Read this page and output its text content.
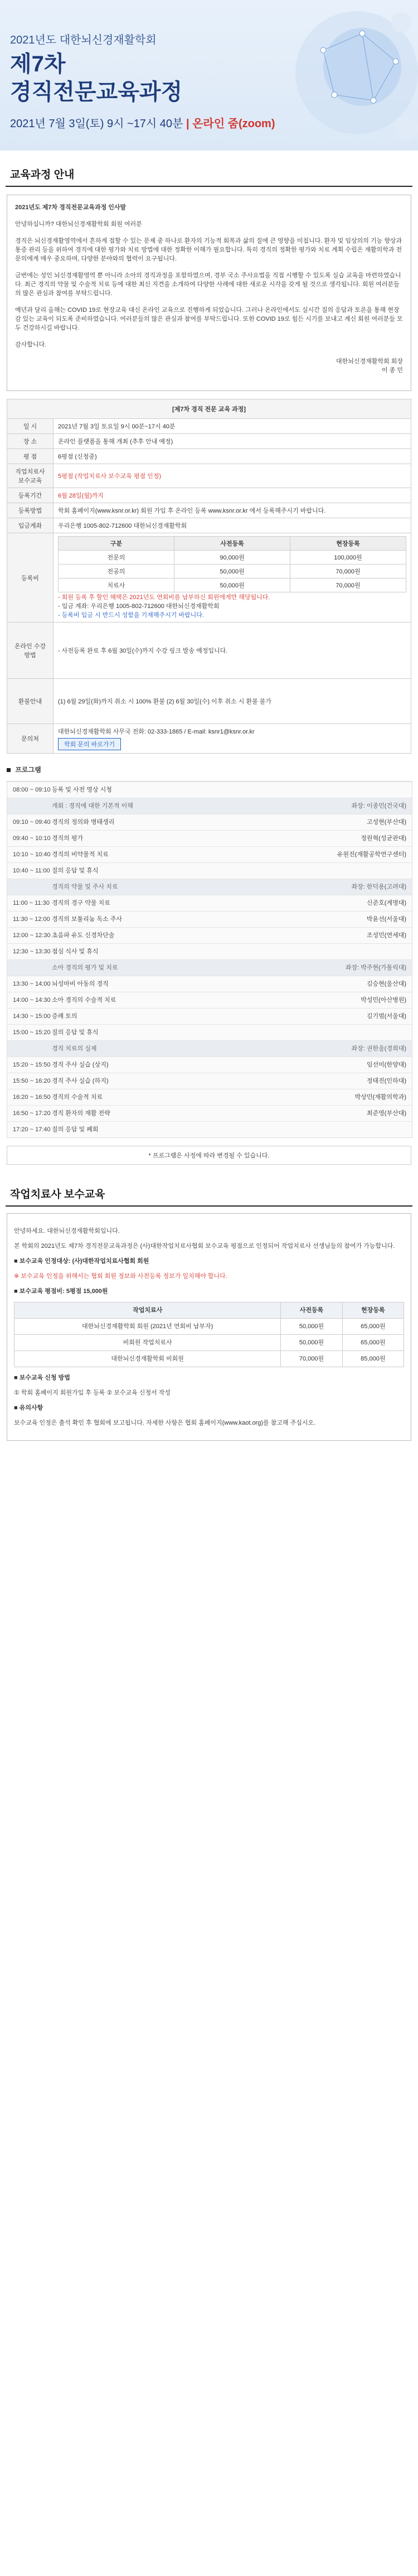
2021년도 대한뇌신경재활학회
제7차
경직전문교육과정
2021년 7월 3일(토) 9시 ~17시 40분 | 온라인 줌(zoom)
교육과정 안내

2021년도 제7차 경직전문교육과정 인사말

안녕하십니까? 대한뇌신경재활학회 회원 여러분

경직은 뇌신경재활영역에서 흔하게 접할 수 있는 문제 중 하나로 환자의 기능적 회복과 삶의 질에 큰 영향을 미칩니다. 환자 및 임상의의 기능 향상과 통증 관리 등을 위하여 경직에 대한 평가와 치료 방법에 대한 정확한 이해가 필요합니다. 특히 경직의 정확한 평가와 치료 계획 수립은 재활의학과 전문의에게 매우 중요하며, 다양한 분야와의 협력이 요구됩니다.

금번에는 성인 뇌신경재활영역 뿐 아니라 소아의 경직과정을 포함하였으며, 경부 국소 주사요법을 직접 시행할 수 있도록 실습 교육을 마련하였습니다. 최근 경직의 약물 및 수술적 치료 등에 대한 최신 지견을 소개하여 다양한 사례에 대한 새로운 시각을 갖게 될 것으로 생각됩니다. 회원 여러분들의 많은 관심과 참여를 부탁드립니다.

예년과 달리 올해는 COVID 19로 현장교육 대신 온라인 교육으로 진행하게 되었습니다. 그러나 온라인에서도 실시간 질의 응답과 토론을 통해 현장감 있는 교육이 되도록 준비하였습니다. 여러분들의 많은 관심과 참여를 부탁드립니다. 또한 COVID 19로 힘든 시기를 보내고 계신 회원 여러분들 모두 건강하시길 바랍니다.

감사합니다.

대한뇌신경재활학회 회장
이 종 민

[제7차 경직 전문 교육 과정]
일 시	2021년 7월 3일 토요일 9시 00분~17시 40분
장 소	온라인 플랫폼을 통해 개최 (추후 안내 예정)
평 점	6평점 (신청중)
직업치료사 보수교육	5평점 (작업치료사 보수교육 평점 인정)
등록기간	6월 28일(월)까지
등록방법	학회 홈페이지(www.ksnr.or.kr) 회원 가입 후 온라인 등록 www.ksnr.or.kr 에서 등록해주시기 바랍니다.
입금계좌	우리은행 1005-802-712600 대한뇌신경재활학회
등록비	
구분	사전등록	현장등록
전문의	90,000원	100,000원
전공의	50,000원	70,000원
치료사	50,000원	70,000원
- 회원 등록 후 할인 혜택은 2021년도 연회비를 납부하신 회원에게만 해당됩니다.
- 입금 계좌: 우리은행 1005-802-712600 대한뇌신경재활학회
- 등록비 입금 시 반드시 성함을 기재해주시기 바랍니다.

온라인 수강 방법	- 사전등록 완료 후 6월 30일(수)까지 수강 링크 발송 예정입니다.
환불안내	(1) 6월 29일(화)까지 취소 시 100% 환불 (2) 6월 30일(수) 이후 취소 시 환불 불가
문의처	
대한뇌신경재활학회 사무국 전화: 02-333-1865 / E-mail: ksnr1@ksnr.or.kr
학회 문의 바로가기
프로그램
08:00 ~ 09:10 등록 및 사전 영상 시청
개회 : 경직에 대한 기본적 이해	좌장: 이종민(건국대)
09:10 ~ 09:40 경직의 정의와 병태생리	고성현(부산대)
09:40 ~ 10:10 경직의 평가	정원혁(성균관대)
10:10 ~ 10:40 경직의 비약물적 치료	유원진(재활공학연구센터)
10:40 ~ 11:00 질의 응답 및 휴식
경직의 약물 및 주사 치료	좌장: 한덕용(고려대)
11:00 ~ 11:30 경직의 경구 약물 치료	신준호(계명대)
11:30 ~ 12:00 경직의 보툴리눔 독소 주사	박윤선(서울대)
12:00 ~ 12:30 초음파 유도 신경차단술	조성민(연세대)
12:30 ~ 13:30 점심 식사 및 휴식
소아 경직의 평가 및 치료	좌장: 박주현(가톨릭대)
13:30 ~ 14:00 뇌성마비 아동의 경직	김승현(울산대)
14:00 ~ 14:30 소아 경직의 수술적 치료	박성민(아산병원)
14:30 ~ 15:00 증례 토의	김기범(서울대)
15:00 ~ 15:20 질의 응답 및 휴식
경직 치료의 실제	좌장: 권한울(경희대)
15:20 ~ 15:50 경직 주사 실습 (상지)	임선미(한양대)
15:50 ~ 16:20 경직 주사 실습 (하지)	정태진(인하대)
16:20 ~ 16:50 경직의 수술적 치료	박상민(재활의학과)
16:50 ~ 17:20 경직 환자의 재활 전략	최준영(부산대)
17:20 ~ 17:40 질의 응답 및 폐회
* 프로그램은 사정에 따라 변경될 수 있습니다.
작업치료사 보수교육

안녕하세요. 대한뇌신경재활학회입니다.

본 학회의 2021년도 제7차 경직전문교육과정은 (사)대한작업치료사협회 보수교육 평점으로 인정되어 작업치료사 선생님들의 참여가 가능합니다.

■ 보수교육 인정대상: (사)대한작업치료사협회 회원

※ 보수교육 인정을 위해서는 협회 회원 정보와 사전등록 정보가 일치해야 합니다.

■ 보수교육 평점비: 5평점 15,000원

작업치료사	사전등록	현장등록
대한뇌신경재활학회 회원 (2021년 연회비 납부자)	50,000원	65,000원
비회원 작업치료사	50,000원	65,000원
대한뇌신경재활학회 비회원	70,000원	85,000원

■ 보수교육 신청 방법

① 학회 홈페이지 회원가입 후 등록 ② 보수교육 신청서 작성

■ 유의사항

보수교육 인정은 출석 확인 후 협회에 보고됩니다. 자세한 사항은 협회 홈페이지(www.kaot.org)를 참고해 주십시오.
